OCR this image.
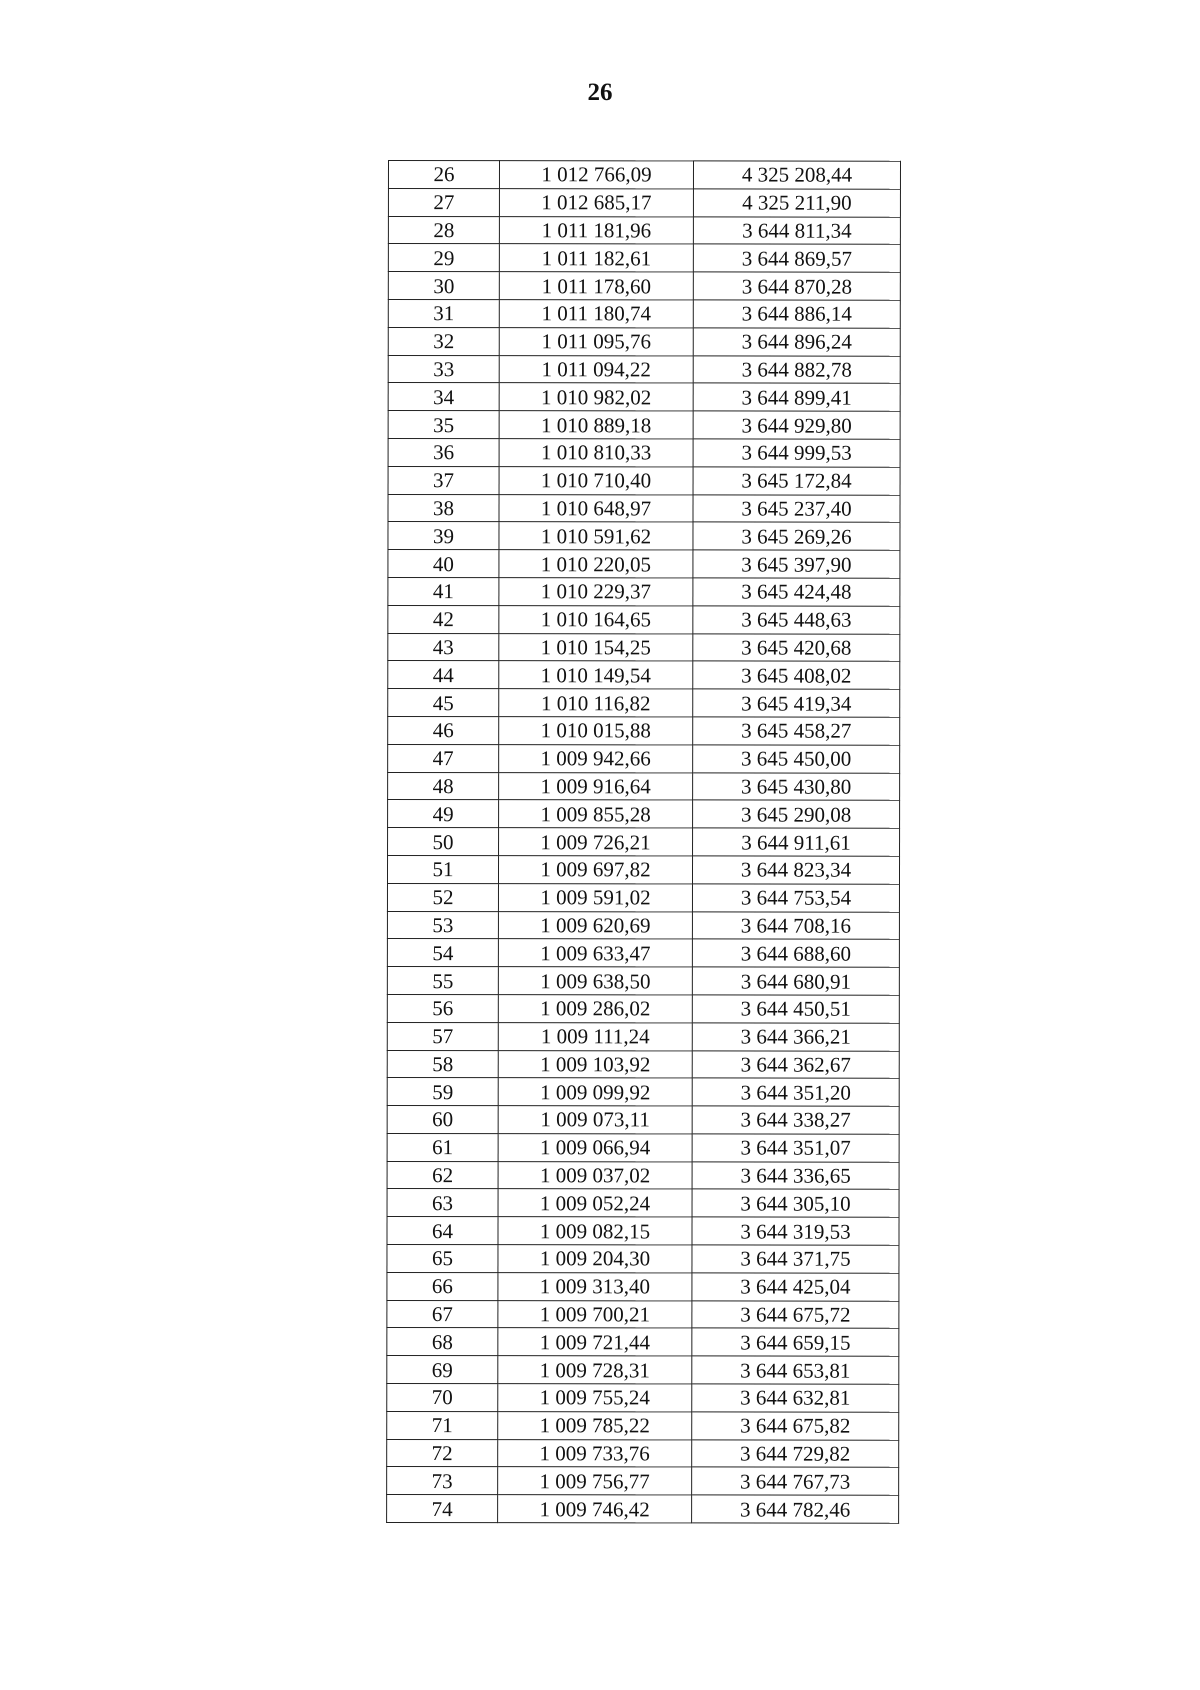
26
26	1 012 766,09	4 325 208,44
27	1 012 685,17	4 325 211,90
28	1 011 181,96	3 644 811,34
29	1 011 182,61	3 644 869,57
30	1 011 178,60	3 644 870,28
31	1 011 180,74	3 644 886,14
32	1 011 095,76	3 644 896,24
33	1 011 094,22	3 644 882,78
34	1 010 982,02	3 644 899,41
35	1 010 889,18	3 644 929,80
36	1 010 810,33	3 644 999,53
37	1 010 710,40	3 645 172,84
38	1 010 648,97	3 645 237,40
39	1 010 591,62	3 645 269,26
40	1 010 220,05	3 645 397,90
41	1 010 229,37	3 645 424,48
42	1 010 164,65	3 645 448,63
43	1 010 154,25	3 645 420,68
44	1 010 149,54	3 645 408,02
45	1 010 116,82	3 645 419,34
46	1 010 015,88	3 645 458,27
47	1 009 942,66	3 645 450,00
48	1 009 916,64	3 645 430,80
49	1 009 855,28	3 645 290,08
50	1 009 726,21	3 644 911,61
51	1 009 697,82	3 644 823,34
52	1 009 591,02	3 644 753,54
53	1 009 620,69	3 644 708,16
54	1 009 633,47	3 644 688,60
55	1 009 638,50	3 644 680,91
56	1 009 286,02	3 644 450,51
57	1 009 111,24	3 644 366,21
58	1 009 103,92	3 644 362,67
59	1 009 099,92	3 644 351,20
60	1 009 073,11	3 644 338,27
61	1 009 066,94	3 644 351,07
62	1 009 037,02	3 644 336,65
63	1 009 052,24	3 644 305,10
64	1 009 082,15	3 644 319,53
65	1 009 204,30	3 644 371,75
66	1 009 313,40	3 644 425,04
67	1 009 700,21	3 644 675,72
68	1 009 721,44	3 644 659,15
69	1 009 728,31	3 644 653,81
70	1 009 755,24	3 644 632,81
71	1 009 785,22	3 644 675,82
72	1 009 733,76	3 644 729,82
73	1 009 756,77	3 644 767,73
74	1 009 746,42	3 644 782,46
